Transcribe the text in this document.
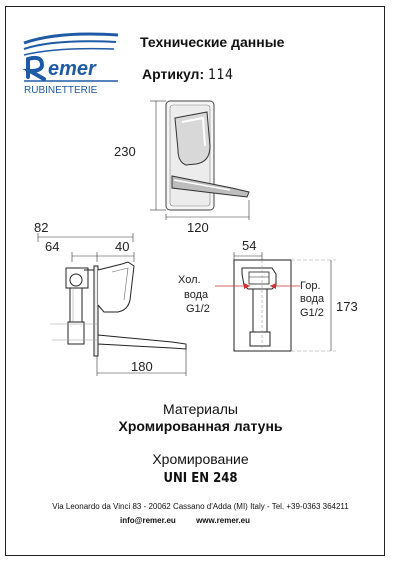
emer
RUBINETTERIE
Технические данные
Артикул: 114
230
120
82
64	40
180
54
Хол.
вода
G1/2
Гор.
вода
G1/2 173
Материалы
Хромированная латунь
Хромирование
UNI EN 248
Via Leonardo da Vinci 83 - 20062 Cassano d'Adda (MI) Italy - Tel. +39-0363 364211
info@remer.eu	www.remer.eu
